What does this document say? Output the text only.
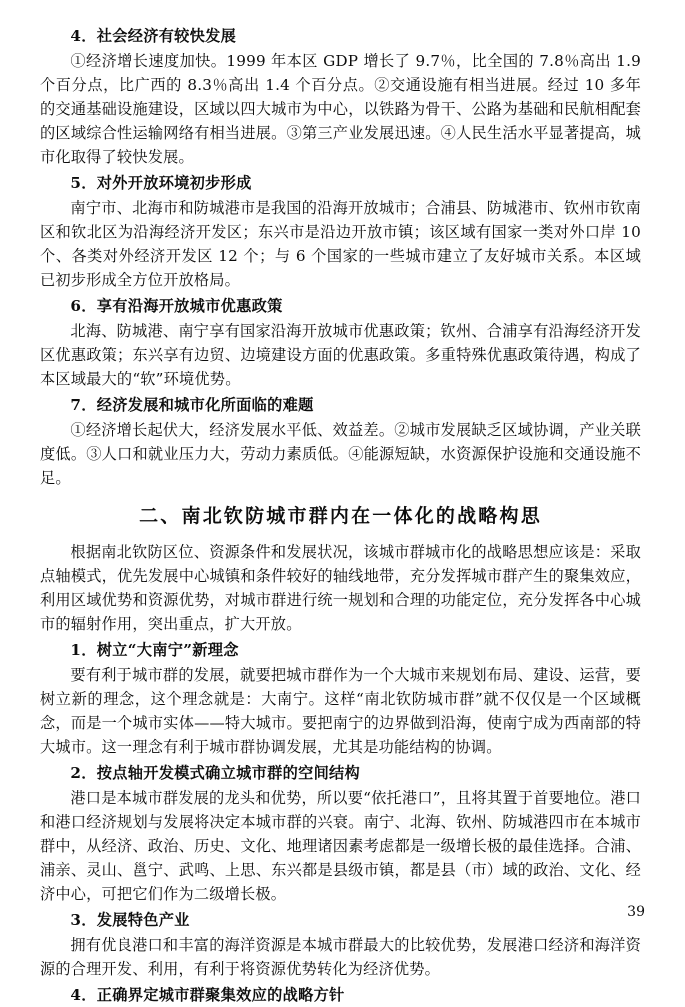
4．社会经济有较快发展

①经济增长速度加快。1999 年本区 GDP 增长了 9.7％，比全国的 7.8％高出 1.9 个百分点，比广西的 8.3％高出 1.4 个百分点。②交通设施有相当进展。经过 10 多年的交通基础设施建设，区域以四大城市为中心，以铁路为骨干、公路为基础和民航相配套的区域综合性运输网络有相当进展。③第三产业发展迅速。④人民生活水平显著提高，城市化取得了较快发展。

5．对外开放环境初步形成

南宁市、北海市和防城港市是我国的沿海开放城市；合浦县、防城港市、钦州市钦南区和钦北区为沿海经济开发区；东兴市是沿边开放市镇；该区域有国家一类对外口岸 10 个、各类对外经济开发区 12 个；与 6 个国家的一些城市建立了友好城市关系。本区域已初步形成全方位开放格局。

6．享有沿海开放城市优惠政策

北海、防城港、南宁享有国家沿海开放城市优惠政策；钦州、合浦享有沿海经济开发区优惠政策；东兴享有边贸、边境建设方面的优惠政策。多重特殊优惠政策待遇，构成了本区域最大的“软”环境优势。

7．经济发展和城市化所面临的难题

①经济增长起伏大，经济发展水平低、效益差。②城市发展缺乏区域协调，产业关联度低。③人口和就业压力大，劳动力素质低。④能源短缺，水资源保护设施和交通设施不足。

二、南北钦防城市群内在一体化的战略构思

根据南北钦防区位、资源条件和发展状况，该城市群城市化的战略思想应该是：采取点轴模式，优先发展中心城镇和条件较好的轴线地带，充分发挥城市群产生的聚集效应，利用区域优势和资源优势，对城市群进行统一规划和合理的功能定位，充分发挥各中心城市的辐射作用，突出重点，扩大开放。

1．树立“大南宁”新理念

要有利于城市群的发展，就要把城市群作为一个大城市来规划布局、建设、运营，要树立新的理念，这个理念就是：大南宁。这样“南北钦防城市群”就不仅仅是一个区域概念，而是一个城市实体——特大城市。要把南宁的边界做到沿海，使南宁成为西南部的特大城市。这一理念有利于城市群协调发展，尤其是功能结构的协调。

2．按点轴开发模式确立城市群的空间结构

港口是本城市群发展的龙头和优势，所以要“依托港口”，且将其置于首要地位。港口和港口经济规划与发展将决定本城市群的兴衰。南宁、北海、钦州、防城港四市在本城市群中，从经济、政治、历史、文化、地理诸因素考虑都是一级增长极的最佳选择。合浦、浦亲、灵山、邕宁、武鸣、上思、东兴都是县级市镇，都是县（市）域的政治、文化、经济中心，可把它们作为二级增长极。

3．发展特色产业

拥有优良港口和丰富的海洋资源是本城市群最大的比较优势，发展港口经济和海洋资源的合理开发、利用，有利于将资源优势转化为经济优势。

4．正确界定城市群聚集效应的战略方针
39
